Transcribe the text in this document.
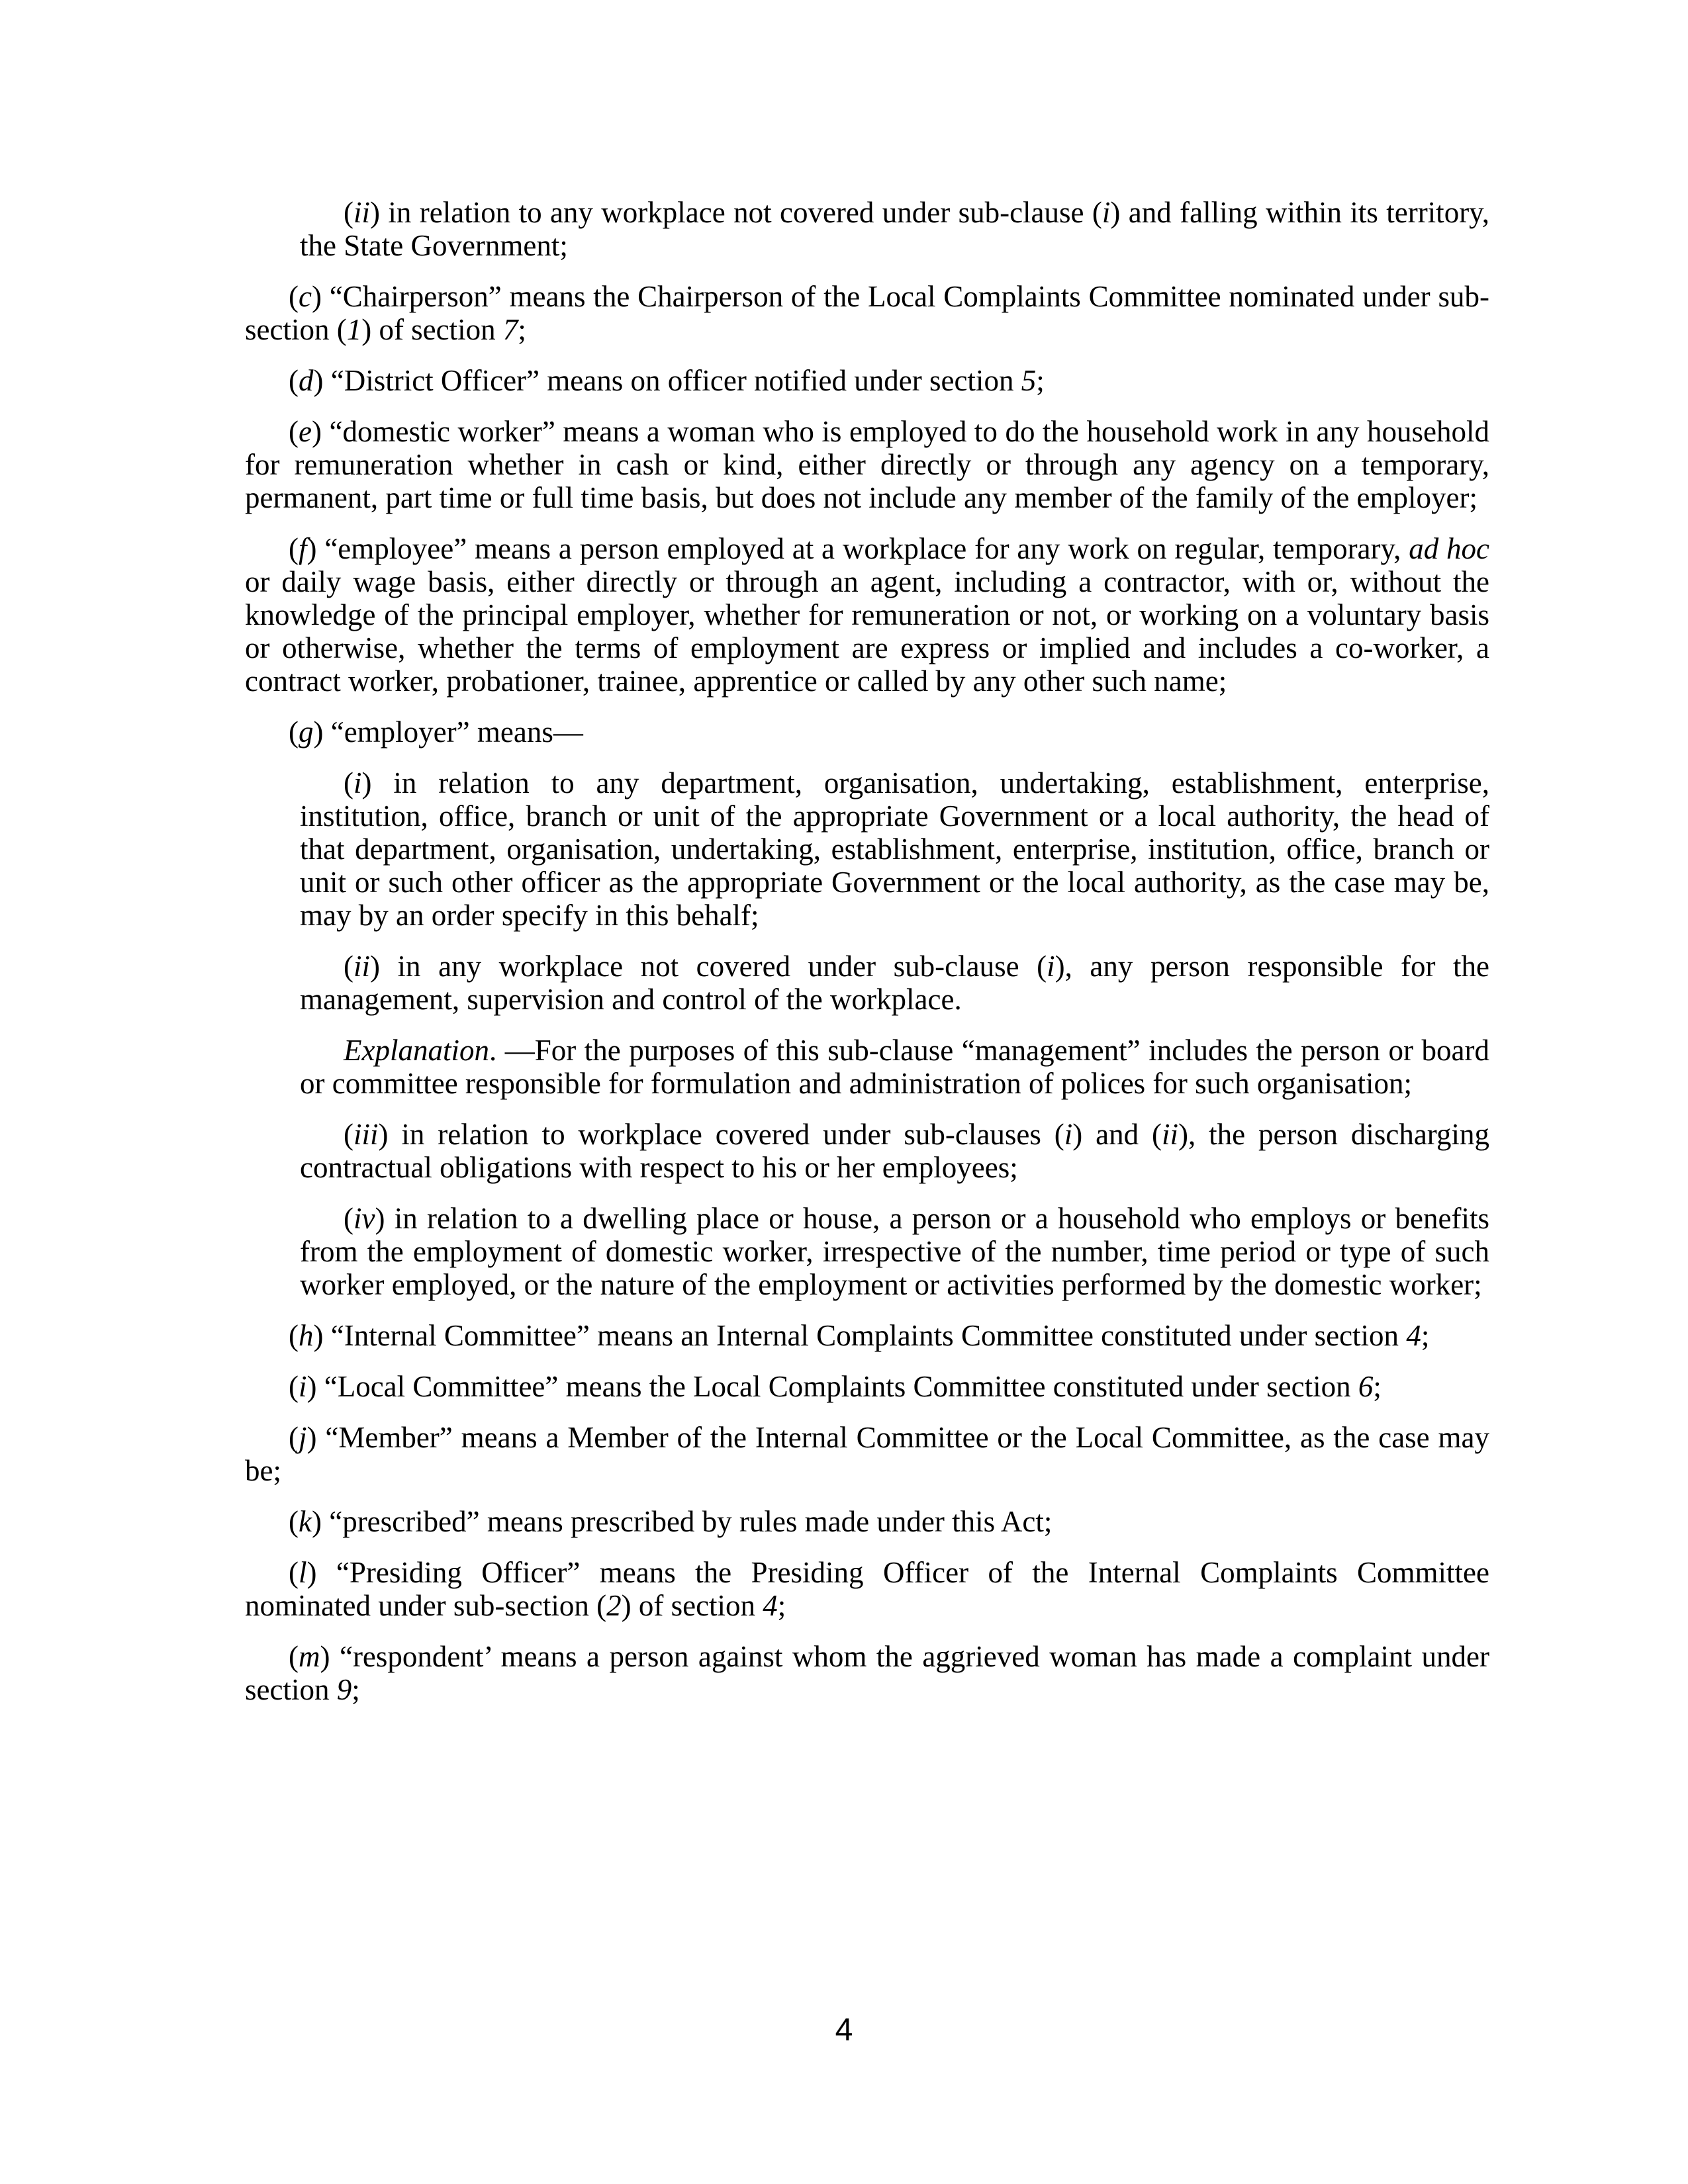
(ii) in relation to any workplace not covered under sub-clause (i) and falling within its territory, the State Government;

(c) “Chairperson” means the Chairperson of the Local Complaints Committee nominated under sub-section (1) of section 7;

(d) “District Officer” means on officer notified under section 5;

(e) “domestic worker” means a woman who is employed to do the household work in any household for remuneration whether in cash or kind, either directly or through any agency on a temporary, permanent, part time or full time basis, but does not include any member of the family of the employer;

(f) “employee” means a person employed at a workplace for any work on regular, temporary, ad hoc or daily wage basis, either directly or through an agent, including a contractor, with or, without the knowledge of the principal employer, whether for remuneration or not, or working on a voluntary basis or otherwise, whether the terms of employment are express or implied and includes a co-worker, a contract worker, probationer, trainee, apprentice or called by any other such name;

(g) “employer” means—

(i) in relation to any department, organisation, undertaking, establishment, enterprise, institution, office, branch or unit of the appropriate Government or a local authority, the head of that department, organisation, undertaking, establishment, enterprise, institution, office, branch or unit or such other officer as the appropriate Government or the local authority, as the case may be, may by an order specify in this behalf;

(ii) in any workplace not covered under sub-clause (i), any person responsible for the management, supervision and control of the workplace.

Explanation. —For the purposes of this sub-clause “management” includes the person or board or committee responsible for formulation and administration of polices for such organisation;

(iii) in relation to workplace covered under sub-clauses (i) and (ii), the person discharging contractual obligations with respect to his or her employees;

(iv) in relation to a dwelling place or house, a person or a household who employs or benefits from the employment of domestic worker, irrespective of the number, time period or type of such worker employed, or the nature of the employment or activities performed by the domestic worker;

(h) “Internal Committee” means an Internal Complaints Committee constituted under section 4;

(i) “Local Committee” means the Local Complaints Committee constituted under section 6;

(j) “Member” means a Member of the Internal Committee or the Local Committee, as the case may be;

(k) “prescribed” means prescribed by rules made under this Act;

(l) “Presiding Officer” means the Presiding Officer of the Internal Complaints Committee nominated under sub-section (2) of section 4;

(m) “respondent’ means a person against whom the aggrieved woman has made a complaint under section 9;

4
